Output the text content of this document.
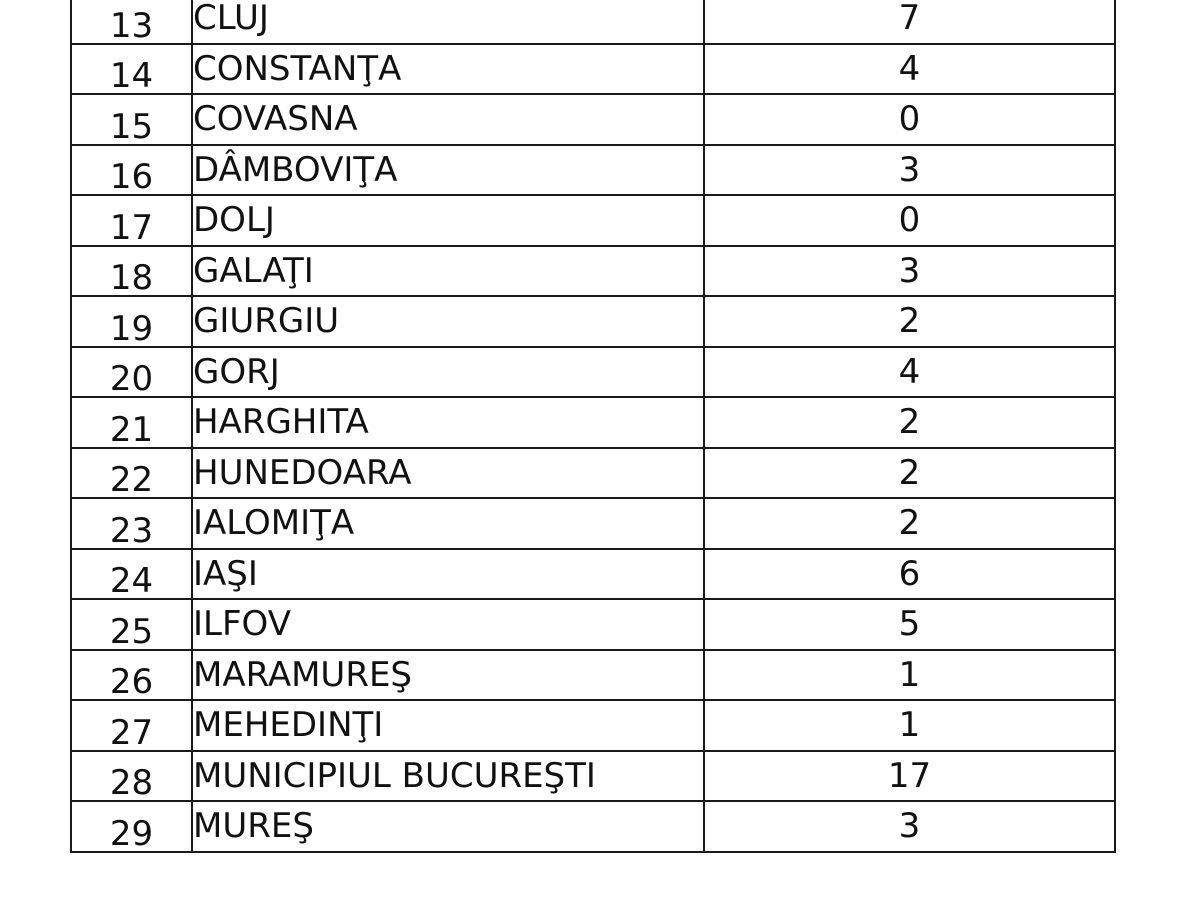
13	CLUJ	7
14	CONSTANŢA	4
15	COVASNA	0
16	DÂMBOVIŢA	3
17	DOLJ	0
18	GALAŢI	3
19	GIURGIU	2
20	GORJ	4
21	HARGHITA	2
22	HUNEDOARA	2
23	IALOMIŢA	2
24	IAŞI	6
25	ILFOV	5
26	MARAMUREŞ	1
27	MEHEDINŢI	1
28	MUNICIPIUL BUCUREŞTI	17
29	MUREŞ	3
